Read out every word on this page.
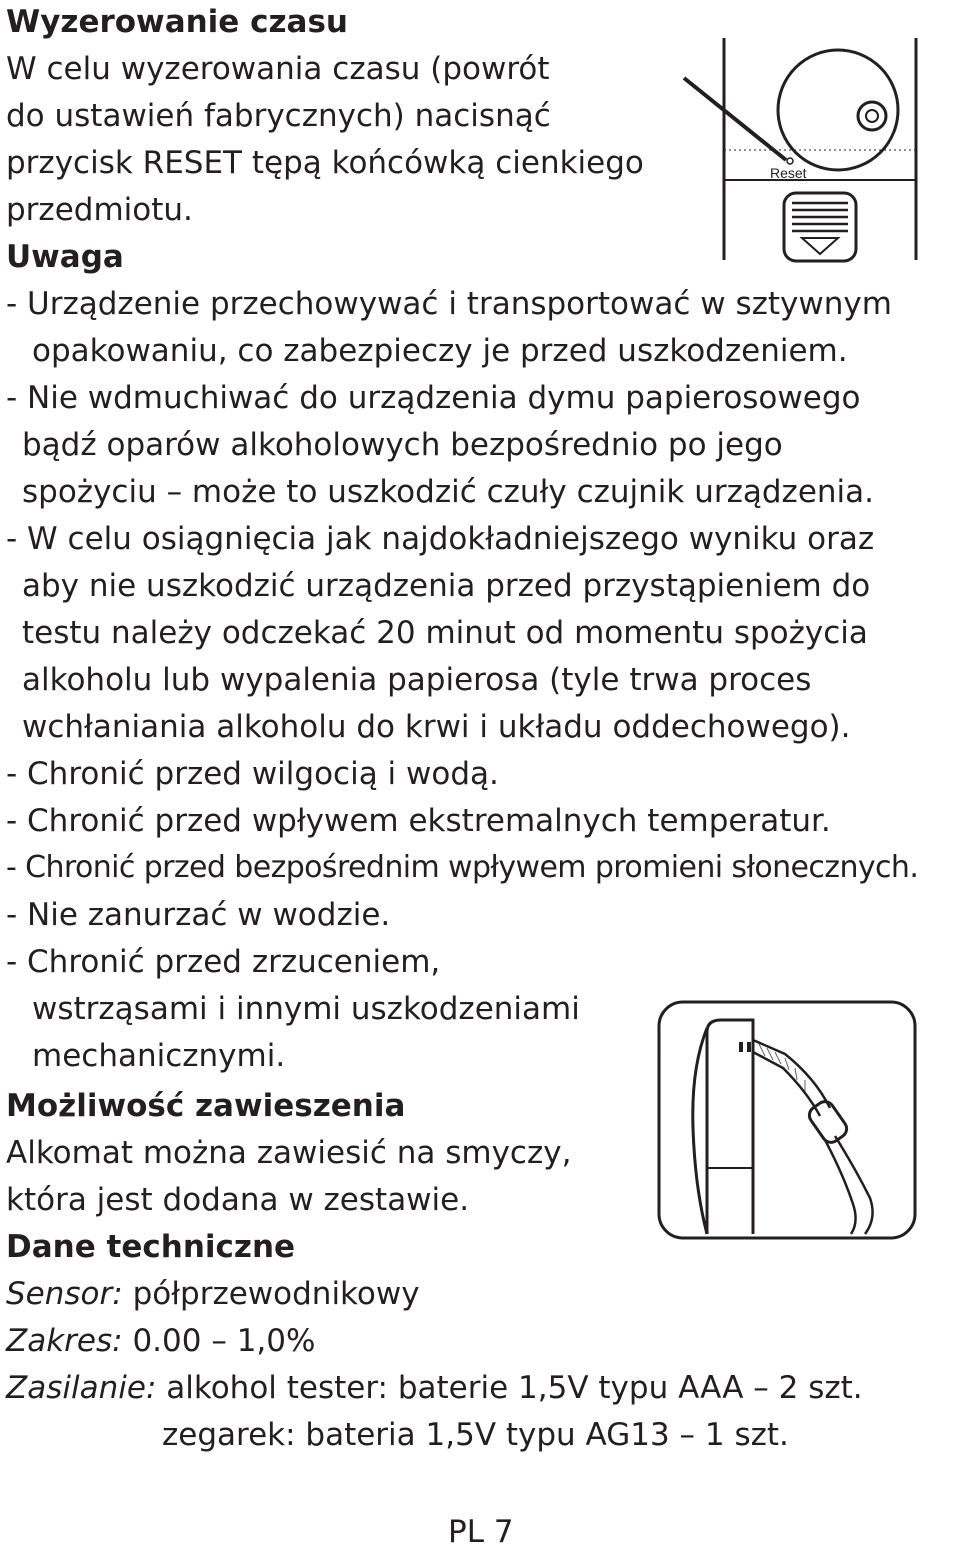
Wyzerowanie czasu
W celu wyzerowania czasu (powrót
do ustawień fabrycznych) nacisnąć
przycisk RESET tępą końcówką cienkiego
przedmiotu.
Reset
Uwaga
- Urządzenie przechowywać i transportować w sztywnym
opakowaniu, co zabezpieczy je przed uszkodzeniem.
- Nie wdmuchiwać do urządzenia dymu papierosowego
bądź oparów alkoholowych bezpośrednio po jego
spożyciu – może to uszkodzić czuły czujnik urządzenia.
- W celu osiągnięcia jak najdokładniejszego wyniku oraz
aby nie uszkodzić urządzenia przed przystąpieniem do
testu należy odczekać 20 minut od momentu spożycia
alkoholu lub wypalenia papierosa (tyle trwa proces
wchłaniania alkoholu do krwi i układu oddechowego).
- Chronić przed wilgocią i wodą.
- Chronić przed wpływem ekstremalnych temperatur.
- Chronić przed bezpośrednim wpływem promieni słonecznych.
- Nie zanurzać w wodzie.
- Chronić przed zrzuceniem,
wstrząsami i innymi uszkodzeniami
mechanicznymi.
Możliwość zawieszenia
Alkomat można zawiesić na smyczy,
która jest dodana w zestawie.
Dane techniczne
Sensor: półprzewodnikowy
Zakres: 0.00 – 1,0%
Zasilanie: alkohol tester: baterie 1,5V typu AAA – 2 szt.
zegarek: bateria 1,5V typu AG13 – 1 szt.
PL 7
